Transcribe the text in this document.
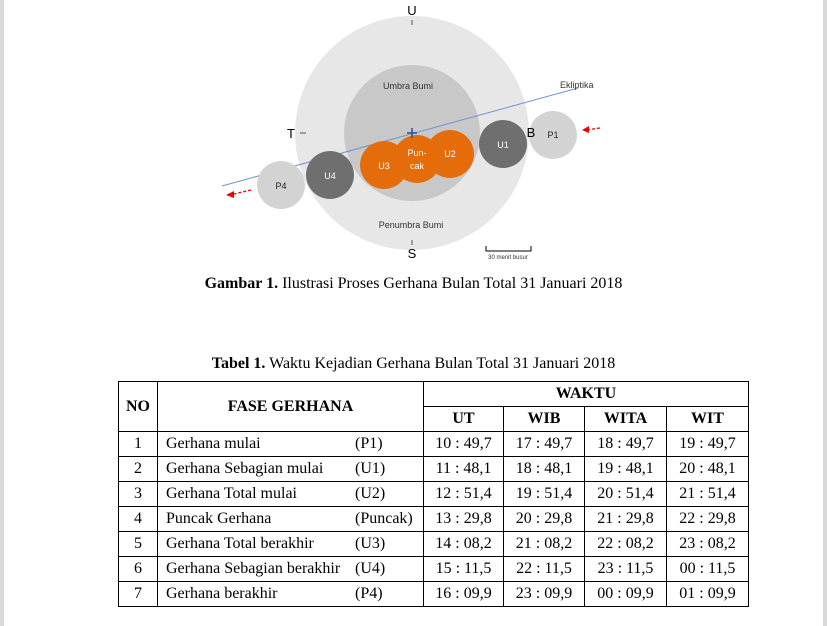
U
S
T	B
Umbra Bumi
Penumbra Bumi
Ekliptika
30 menit busur
P1
U1
U2
Pun-
cak
U3
U4
P4
Gambar 1. Ilustrasi Proses Gerhana Bulan Total 31 Januari 2018
Tabel 1. Waktu Kejadian Gerhana Bulan Total 31 Januari 2018
NO	FASE GERHANA		WAKTU			
			UT	WIB	WITA	WIT
1	Gerhana mulai	(P1)	10 : 49,7	17 : 49,7	18 : 49,7	19 : 49,7
2	Gerhana Sebagian mulai	(U1)	11 : 48,1	18 : 48,1	19 : 48,1	20 : 48,1
3	Gerhana Total mulai	(U2)	12 : 51,4	19 : 51,4	20 : 51,4	21 : 51,4
4	Puncak Gerhana	(Puncak)	13 : 29,8	20 : 29,8	21 : 29,8	22 : 29,8
5	Gerhana Total berakhir	(U3)	14 : 08,2	21 : 08,2	22 : 08,2	23 : 08,2
6	Gerhana Sebagian berakhir	(U4)	15 : 11,5	22 : 11,5	23 : 11,5	00 : 11,5
7	Gerhana berakhir	(P4)	16 : 09,9	23 : 09,9	00 : 09,9	01 : 09,9
